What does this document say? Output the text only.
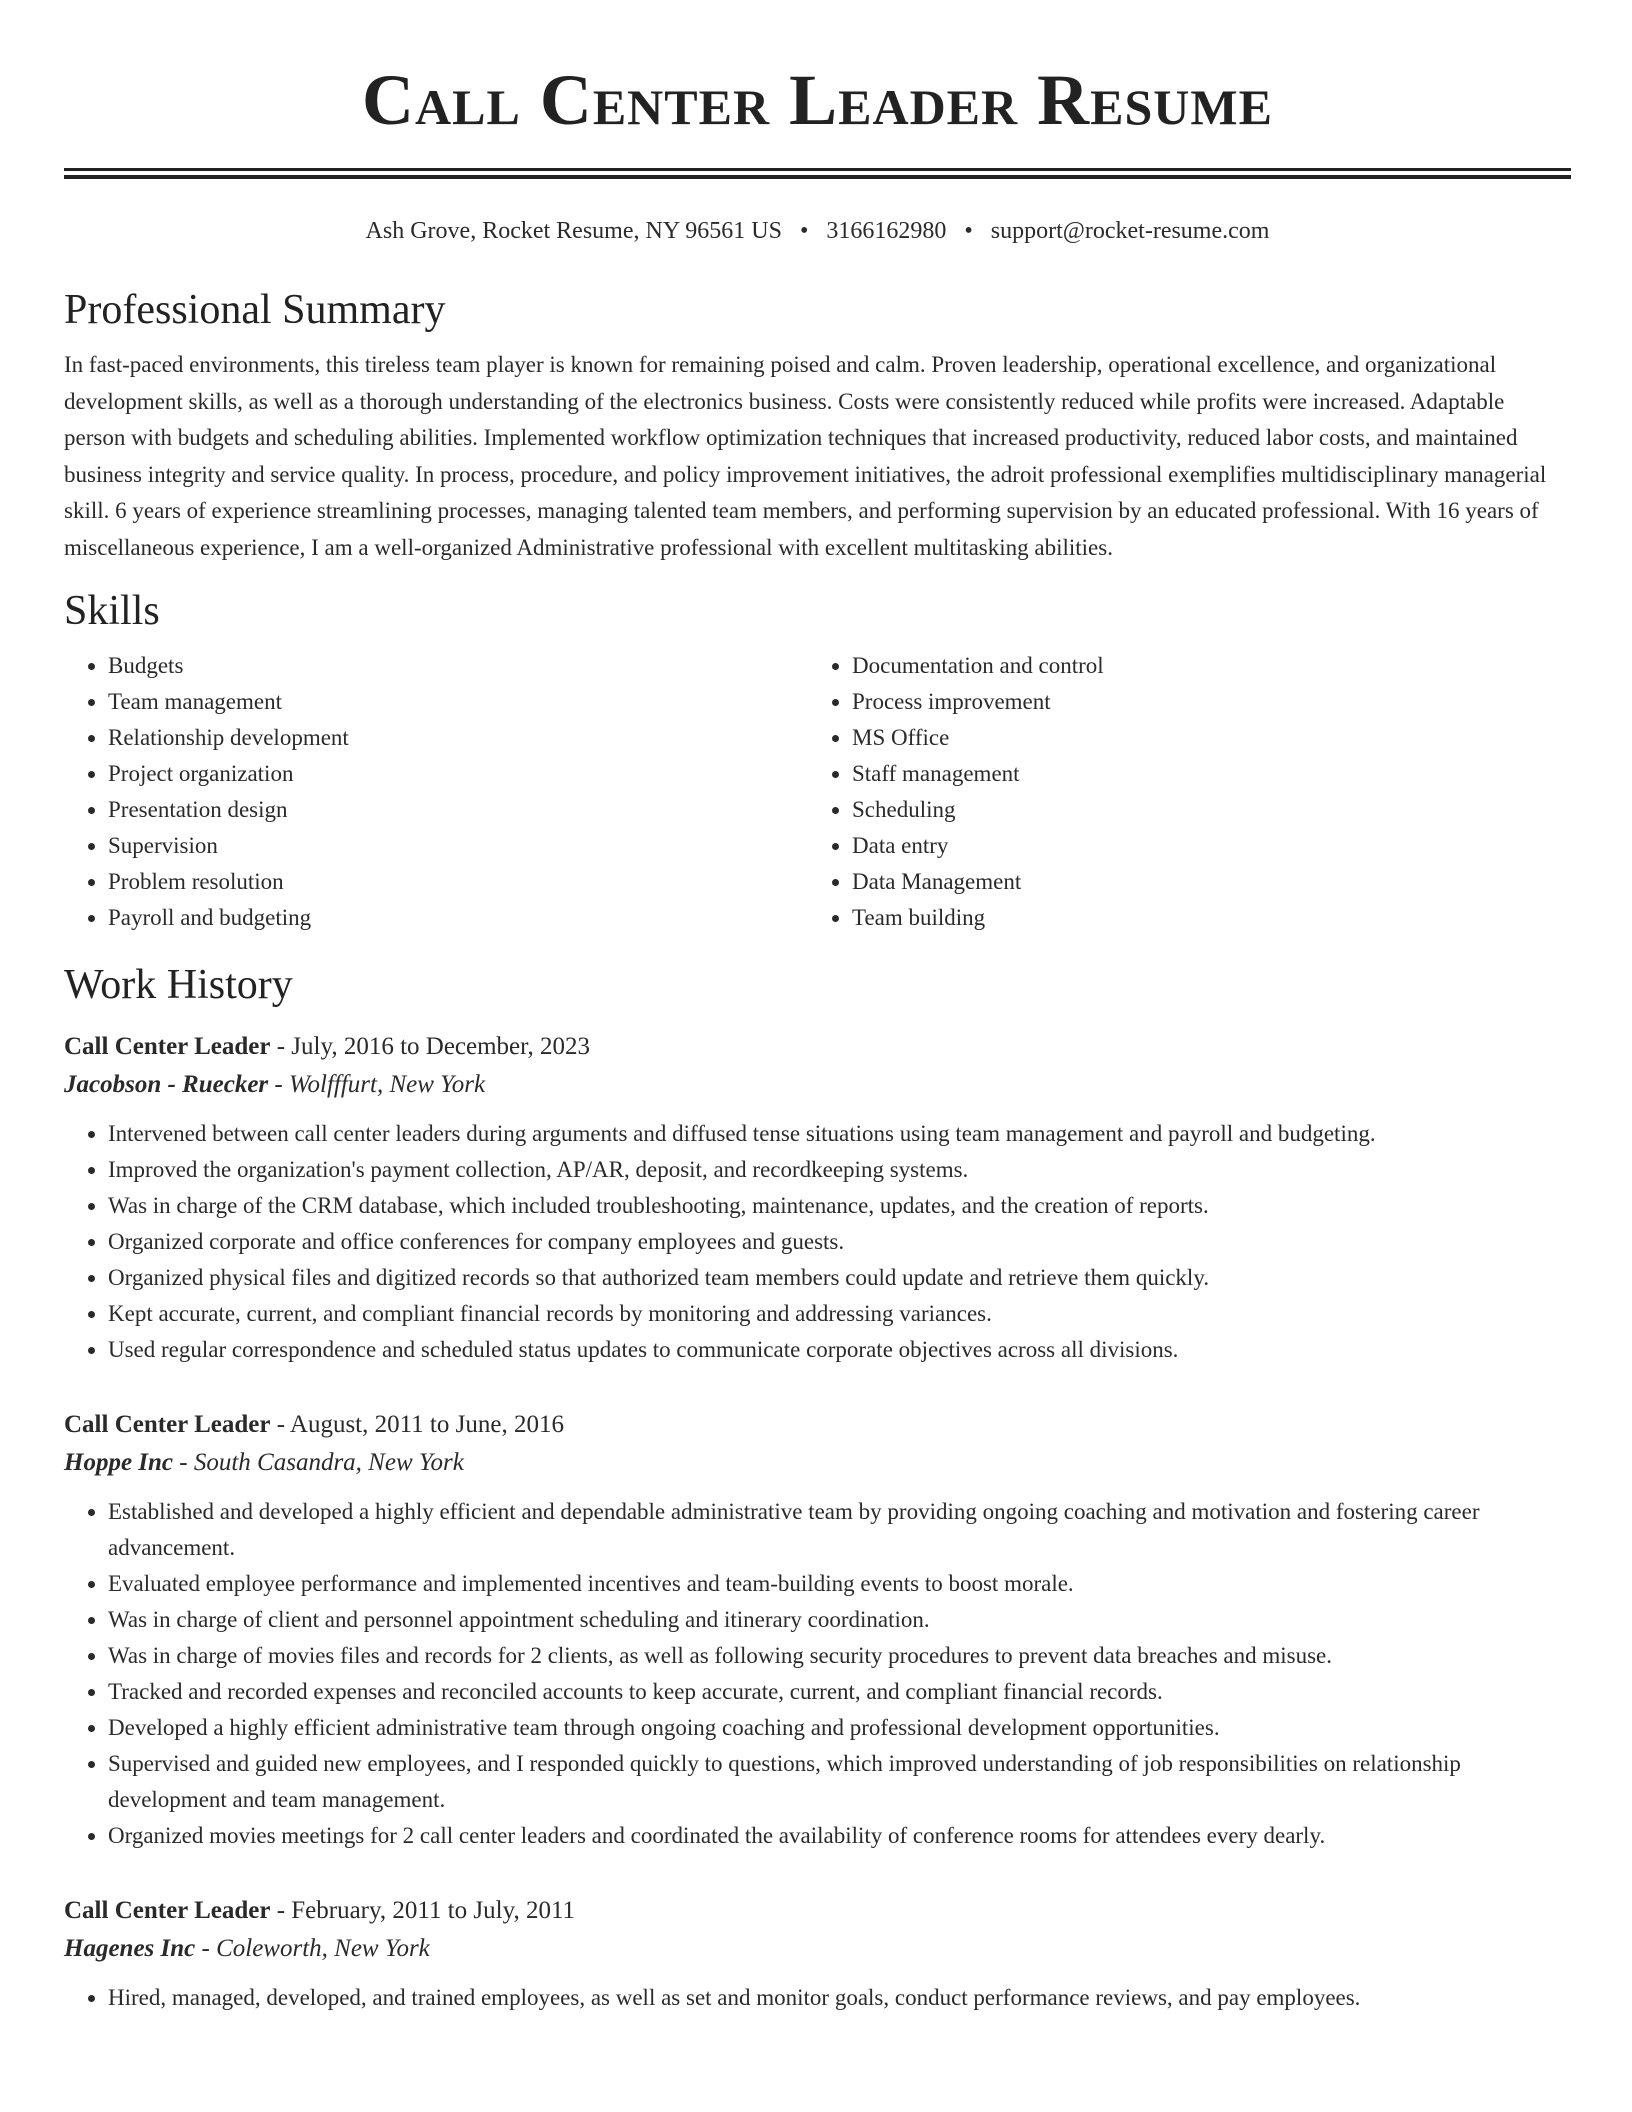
Call Center Leader Resume
Ash Grove, Rocket Resume, NY 96561 US • 3166162980 • support@rocket-resume.com
Professional Summary

In fast-paced environments, this tireless team player is known for remaining poised and calm. Proven leadership, operational excellence, and organizational development skills, as well as a thorough understanding of the electronics business. Costs were consistently reduced while profits were increased. Adaptable person with budgets and scheduling abilities. Implemented workflow optimization techniques that increased productivity, reduced labor costs, and maintained business integrity and service quality. In process, procedure, and policy improvement initiatives, the adroit professional exemplifies multidisciplinary managerial skill. 6 years of experience streamlining processes, managing talented team members, and performing supervision by an educated professional. With 16 years of miscellaneous experience, I am a well-organized Administrative professional with excellent multitasking abilities.

Skills
• Budgets
• Team management
• Relationship development
• Project organization
• Presentation design
• Supervision
• Problem resolution
• Payroll and budgeting
• Documentation and control
• Process improvement
• MS Office
• Staff management
• Scheduling
• Data entry
• Data Management
• Team building
Work History
Call Center Leader - July, 2016 to December, 2023
Jacobson - Ruecker - Wolfffurt, New York
• Intervened between call center leaders during arguments and diffused tense situations using team management and payroll and budgeting.
• Improved the organization's payment collection, AP/AR, deposit, and recordkeeping systems.
• Was in charge of the CRM database, which included troubleshooting, maintenance, updates, and the creation of reports.
• Organized corporate and office conferences for company employees and guests.
• Organized physical files and digitized records so that authorized team members could update and retrieve them quickly.
• Kept accurate, current, and compliant financial records by monitoring and addressing variances.
• Used regular correspondence and scheduled status updates to communicate corporate objectives across all divisions.
Call Center Leader - August, 2011 to June, 2016
Hoppe Inc - South Casandra, New York
• Established and developed a highly efficient and dependable administrative team by providing ongoing coaching and motivation and fostering career advancement.
• Evaluated employee performance and implemented incentives and team-building events to boost morale.
• Was in charge of client and personnel appointment scheduling and itinerary coordination.
• Was in charge of movies files and records for 2 clients, as well as following security procedures to prevent data breaches and misuse.
• Tracked and recorded expenses and reconciled accounts to keep accurate, current, and compliant financial records.
• Developed a highly efficient administrative team through ongoing coaching and professional development opportunities.
• Supervised and guided new employees, and I responded quickly to questions, which improved understanding of job responsibilities on relationship development and team management.
• Organized movies meetings for 2 call center leaders and coordinated the availability of conference rooms for attendees every dearly.
Call Center Leader - February, 2011 to July, 2011
Hagenes Inc - Coleworth, New York
• Hired, managed, developed, and trained employees, as well as set and monitor goals, conduct performance reviews, and pay employees.
